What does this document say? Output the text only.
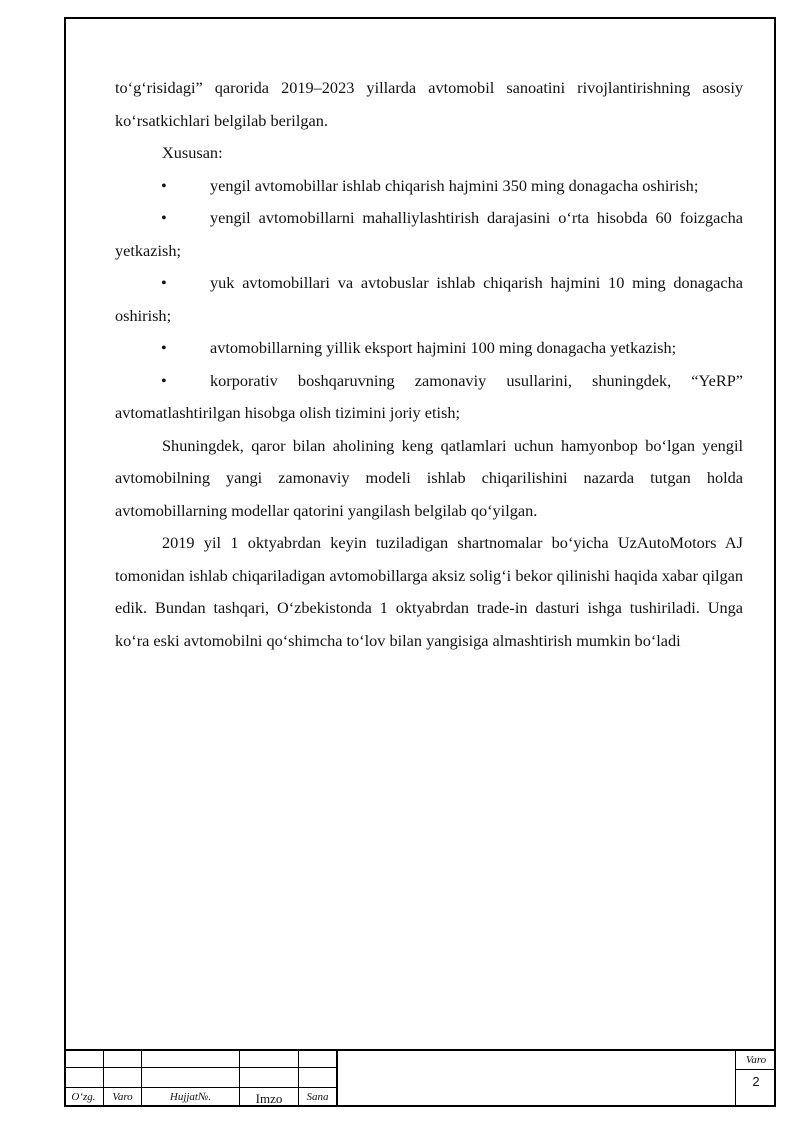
to‘g‘risidagi” qarorida 2019–2023 yillarda avtomobil sanoatini rivojlantirishning asosiy ko‘rsatkichlari belgilab berilgan.

Xususan:

•	yengil avtomobillar ishlab chiqarish hajmini 350 ming donagacha oshirish;

•	yengil avtomobillarni mahalliylashtirish darajasini o‘rta hisobda 60 foizgacha yetkazish;

•	yuk avtomobillari va avtobuslar ishlab chiqarish hajmini 10 ming donagacha oshirish;

•	avtomobillarning yillik eksport hajmini 100 ming donagacha yetkazish;

•	korporativ boshqaruvning zamonaviy usullarini, shuningdek, “YeRP” avtomatlashtirilgan hisobga olish tizimini joriy etish;

Shuningdek, qaror bilan aholining keng qatlamlari uchun hamyonbop bo‘lgan yengil avtomobilning yangi zamonaviy modeli ishlab chiqarilishini nazarda tutgan holda avtomobillarning modellar qatorini yangilash belgilab qo‘yilgan.

2019 yil 1 oktyabrdan keyin tuziladigan shartnomalar bo‘yicha UzAutoMotors AJ tomonidan ishlab chiqariladigan avtomobillarga aksiz solig‘i bekor qilinishi haqida xabar qilgan edik. Bundan tashqari, O‘zbekistonda 1 oktyabrdan trade-in dasturi ishga tushiriladi. Unga ko‘ra eski avtomobilni qo‘shimcha to‘lov bilan yangisiga almashtirish mumkin bo‘ladi

O‘zg.	Varo	Hujjat№.	Imzo	Sana
Varo
2
